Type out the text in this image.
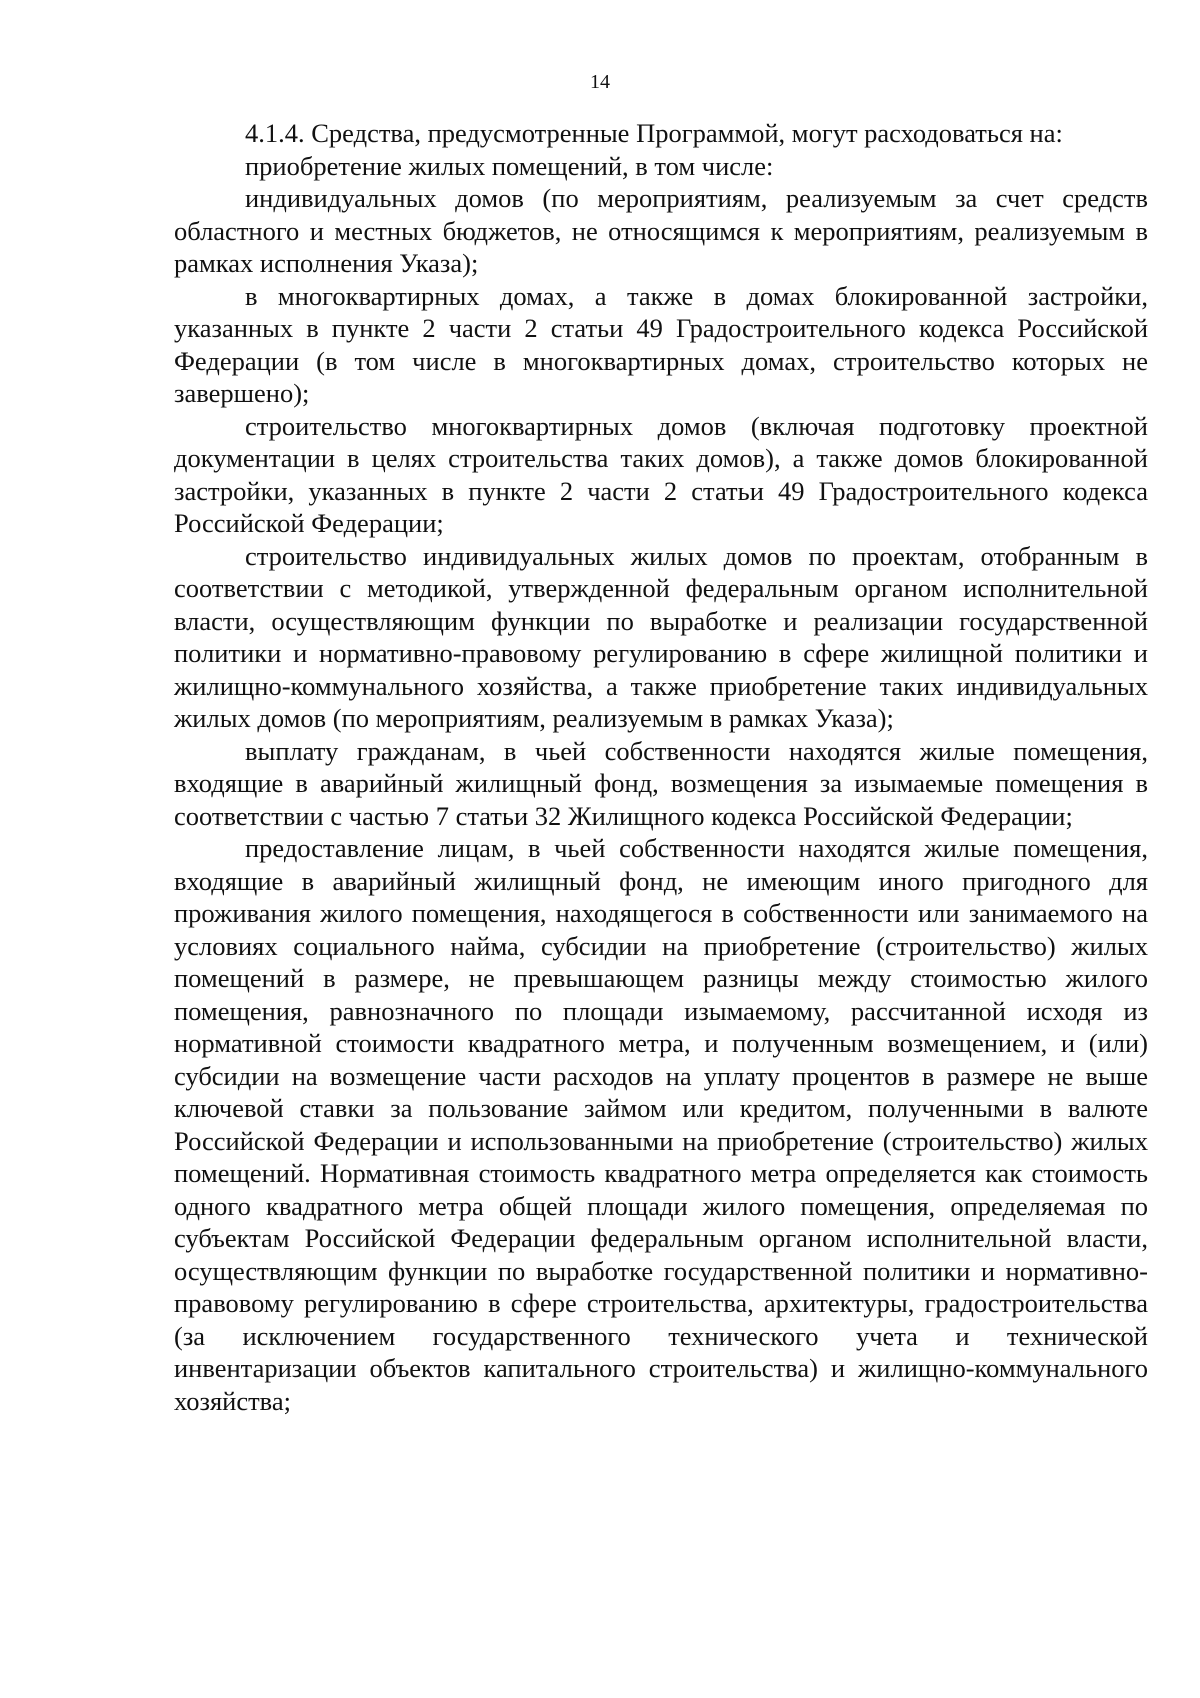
14

4.1.4. Средства, предусмотренные Программой, могут расходоваться на:

приобретение жилых помещений, в том числе:

индивидуальных домов (по мероприятиям, реализуемым за счет средств областного и местных бюджетов, не относящимся к мероприятиям, реализуемым в рамках исполнения Указа);

в многоквартирных домах, а также в домах блокированной застройки, указанных в пункте 2 части 2 статьи 49 Градостроительного кодекса Российской Федерации (в том числе в многоквартирных домах, строительство которых не завершено);

строительство многоквартирных домов (включая подготовку проектной документации в целях строительства таких домов), а также домов блокированной застройки, указанных в пункте 2 части 2 статьи 49 Градостроительного кодекса Российской Федерации;

строительство индивидуальных жилых домов по проектам, отобранным в соответствии с методикой, утвержденной федеральным органом исполнительной власти, осуществляющим функции по выработке и реализации государственной политики и нормативно-правовому регулированию в сфере жилищной политики и жилищно-коммунального хозяйства, а также приобретение таких индивидуальных жилых домов (по мероприятиям, реализуемым в рамках Указа);

выплату гражданам, в чьей собственности находятся жилые помещения, входящие в аварийный жилищный фонд, возмещения за изымаемые помещения в соответствии с частью 7 статьи 32 Жилищного кодекса Российской Федерации;

предоставление лицам, в чьей собственности находятся жилые помещения, входящие в аварийный жилищный фонд, не имеющим иного пригодного для проживания жилого помещения, находящегося в собственности или занимаемого на условиях социального найма, субсидии на приобретение (строительство) жилых помещений в размере, не превышающем разницы между стоимостью жилого помещения, равнозначного по площади изымаемому, рассчитанной исходя из нормативной стоимости квадратного метра, и полученным возмещением, и (или) субсидии на возмещение части расходов на уплату процентов в размере не выше ключевой ставки за пользование займом или кредитом, полученными в валюте Российской Федерации и использованными на приобретение (строительство) жилых помещений. Нормативная стоимость квадратного метра определяется как стоимость одного квадратного метра общей площади жилого помещения, определяемая по субъектам Российской Федерации федеральным органом исполнительной власти, осуществляющим функции по выработке государственной политики и нормативно-правовому регулированию в сфере строительства, архитектуры, градостроительства (за исключением государственного технического учета и технической инвентаризации объектов капитального строительства) и жилищно-коммунального хозяйства;
